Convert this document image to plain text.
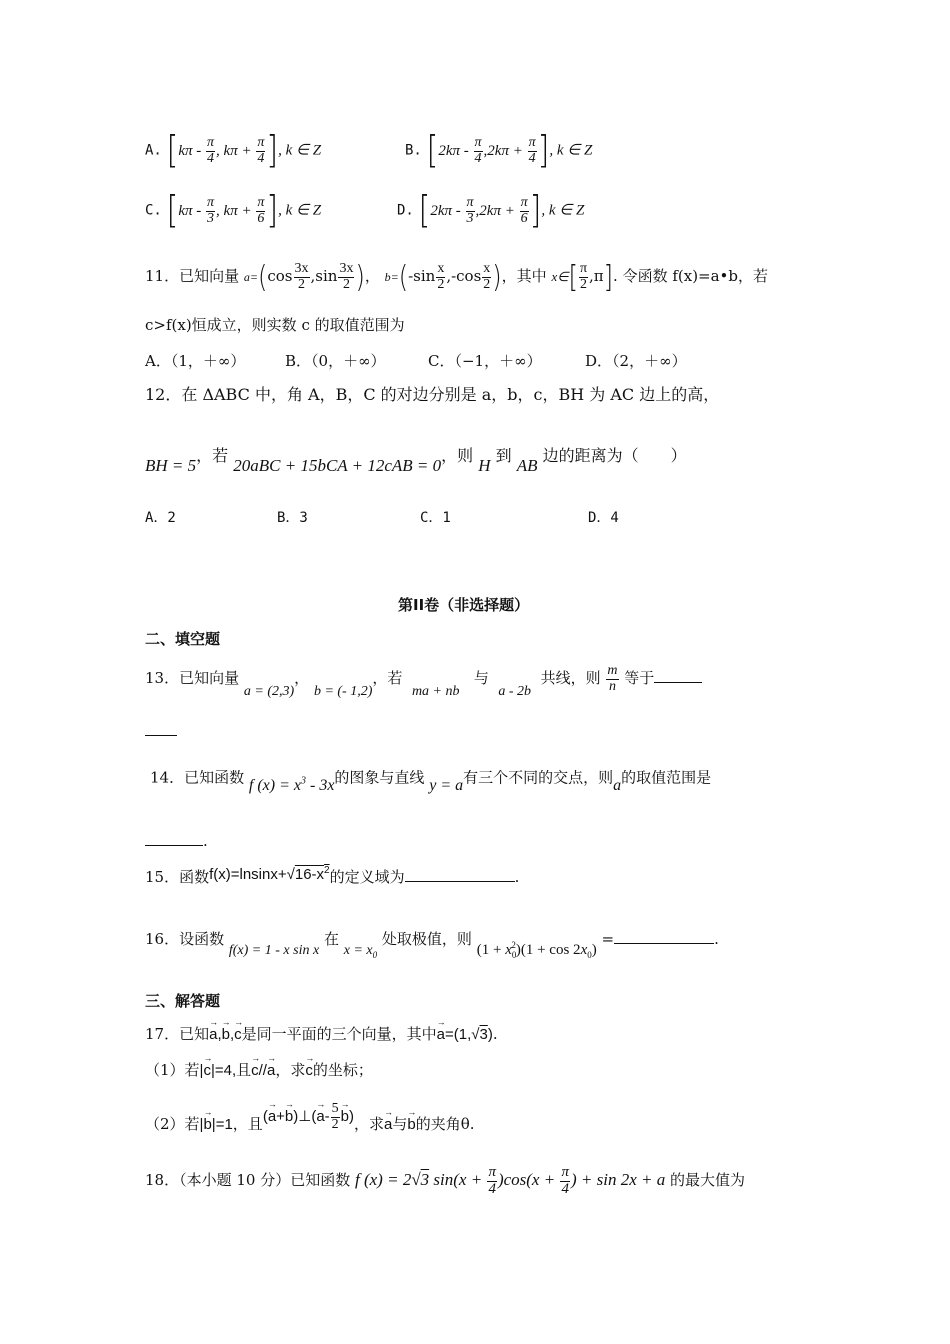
A. [$k\pi - \frac{\pi}{4}$ , $k\pi + \frac{\pi}{4}$ ], k ∈ Z	B. [$2k\pi - \frac{\pi}{4} ,2k\pi + \frac{\pi}{4}$ ], k ∈ Z
C. [$k\pi - \frac{\pi}{3}$ , $k\pi + \frac{\pi}{6}$ ], k ∈ Z	D. [$2k\pi - \frac{\pi}{3} ,2k\pi + \frac{\pi}{6}$ ], k ∈ Z
11．已知向量 $a=(\cos \frac{3x}{2} ,\sin \frac{3x}{2}$ )， $b=(-\sin \frac{x}{2} ,-\cos \frac{x}{2}$ )，其中 x∈[ $\frac{\pi}{2} ,\pi$]. 令函数 f(x)=a•b，若
c>f(x)恒成立，则实数 c 的取值范围为
A．（1，＋∞）	B．（0，＋∞）	C．（−1，＋∞）	D．（2，＋∞）
12．在 ΔABC 中，角 A，B，C 的对边分别是 a，b，c，BH 为 AC 边上的高，
BH = 5，若 20aBC + 15bCA + 12cAB = 0，则 H 到 AB 边的距离为（　　）
A．2	B．3	C．1	D．4
第II卷（非选择题）
二、填空题
13．已知向量 a = (2,3)， b = (- 1,2)，若  ma + nb   与  a - 2b  共线，则 $\frac{m}{n}$ 等于
14．已知函数 f $(x) = x^3 - 3x$的图象与直线 y = a有三个不同的交点，则a的取值范围是
.
15．函数$f(x)=lnsinx+√16-x^2$的定义域为	.
16．设函数 f(x) = 1 - x sin x 在 $x = x_0$ 处取极值，则 $(1 + x_0^2)(1 + \cos 2x_0)$ =	.
三、解答题
17．已知→ a,→ b,→ c是同一平面的三个向量，其中→ a=(1,√3).
（1）若|→ c|=4,且→ c//→ a，求→ c的坐标；
（2）若|→ b|=1，且(→ a+→ b)⊥(→ $a- \frac{5}{2} \to b$)，求→ a与→ b的夹角θ.
18．（本小题 10 分）已知函数 f (x) = 2√3 $\sin(x + \frac{\pi}{4} )\cos(x + \frac{\pi}{4}$ ) + sin 2x + a 的最大值为
